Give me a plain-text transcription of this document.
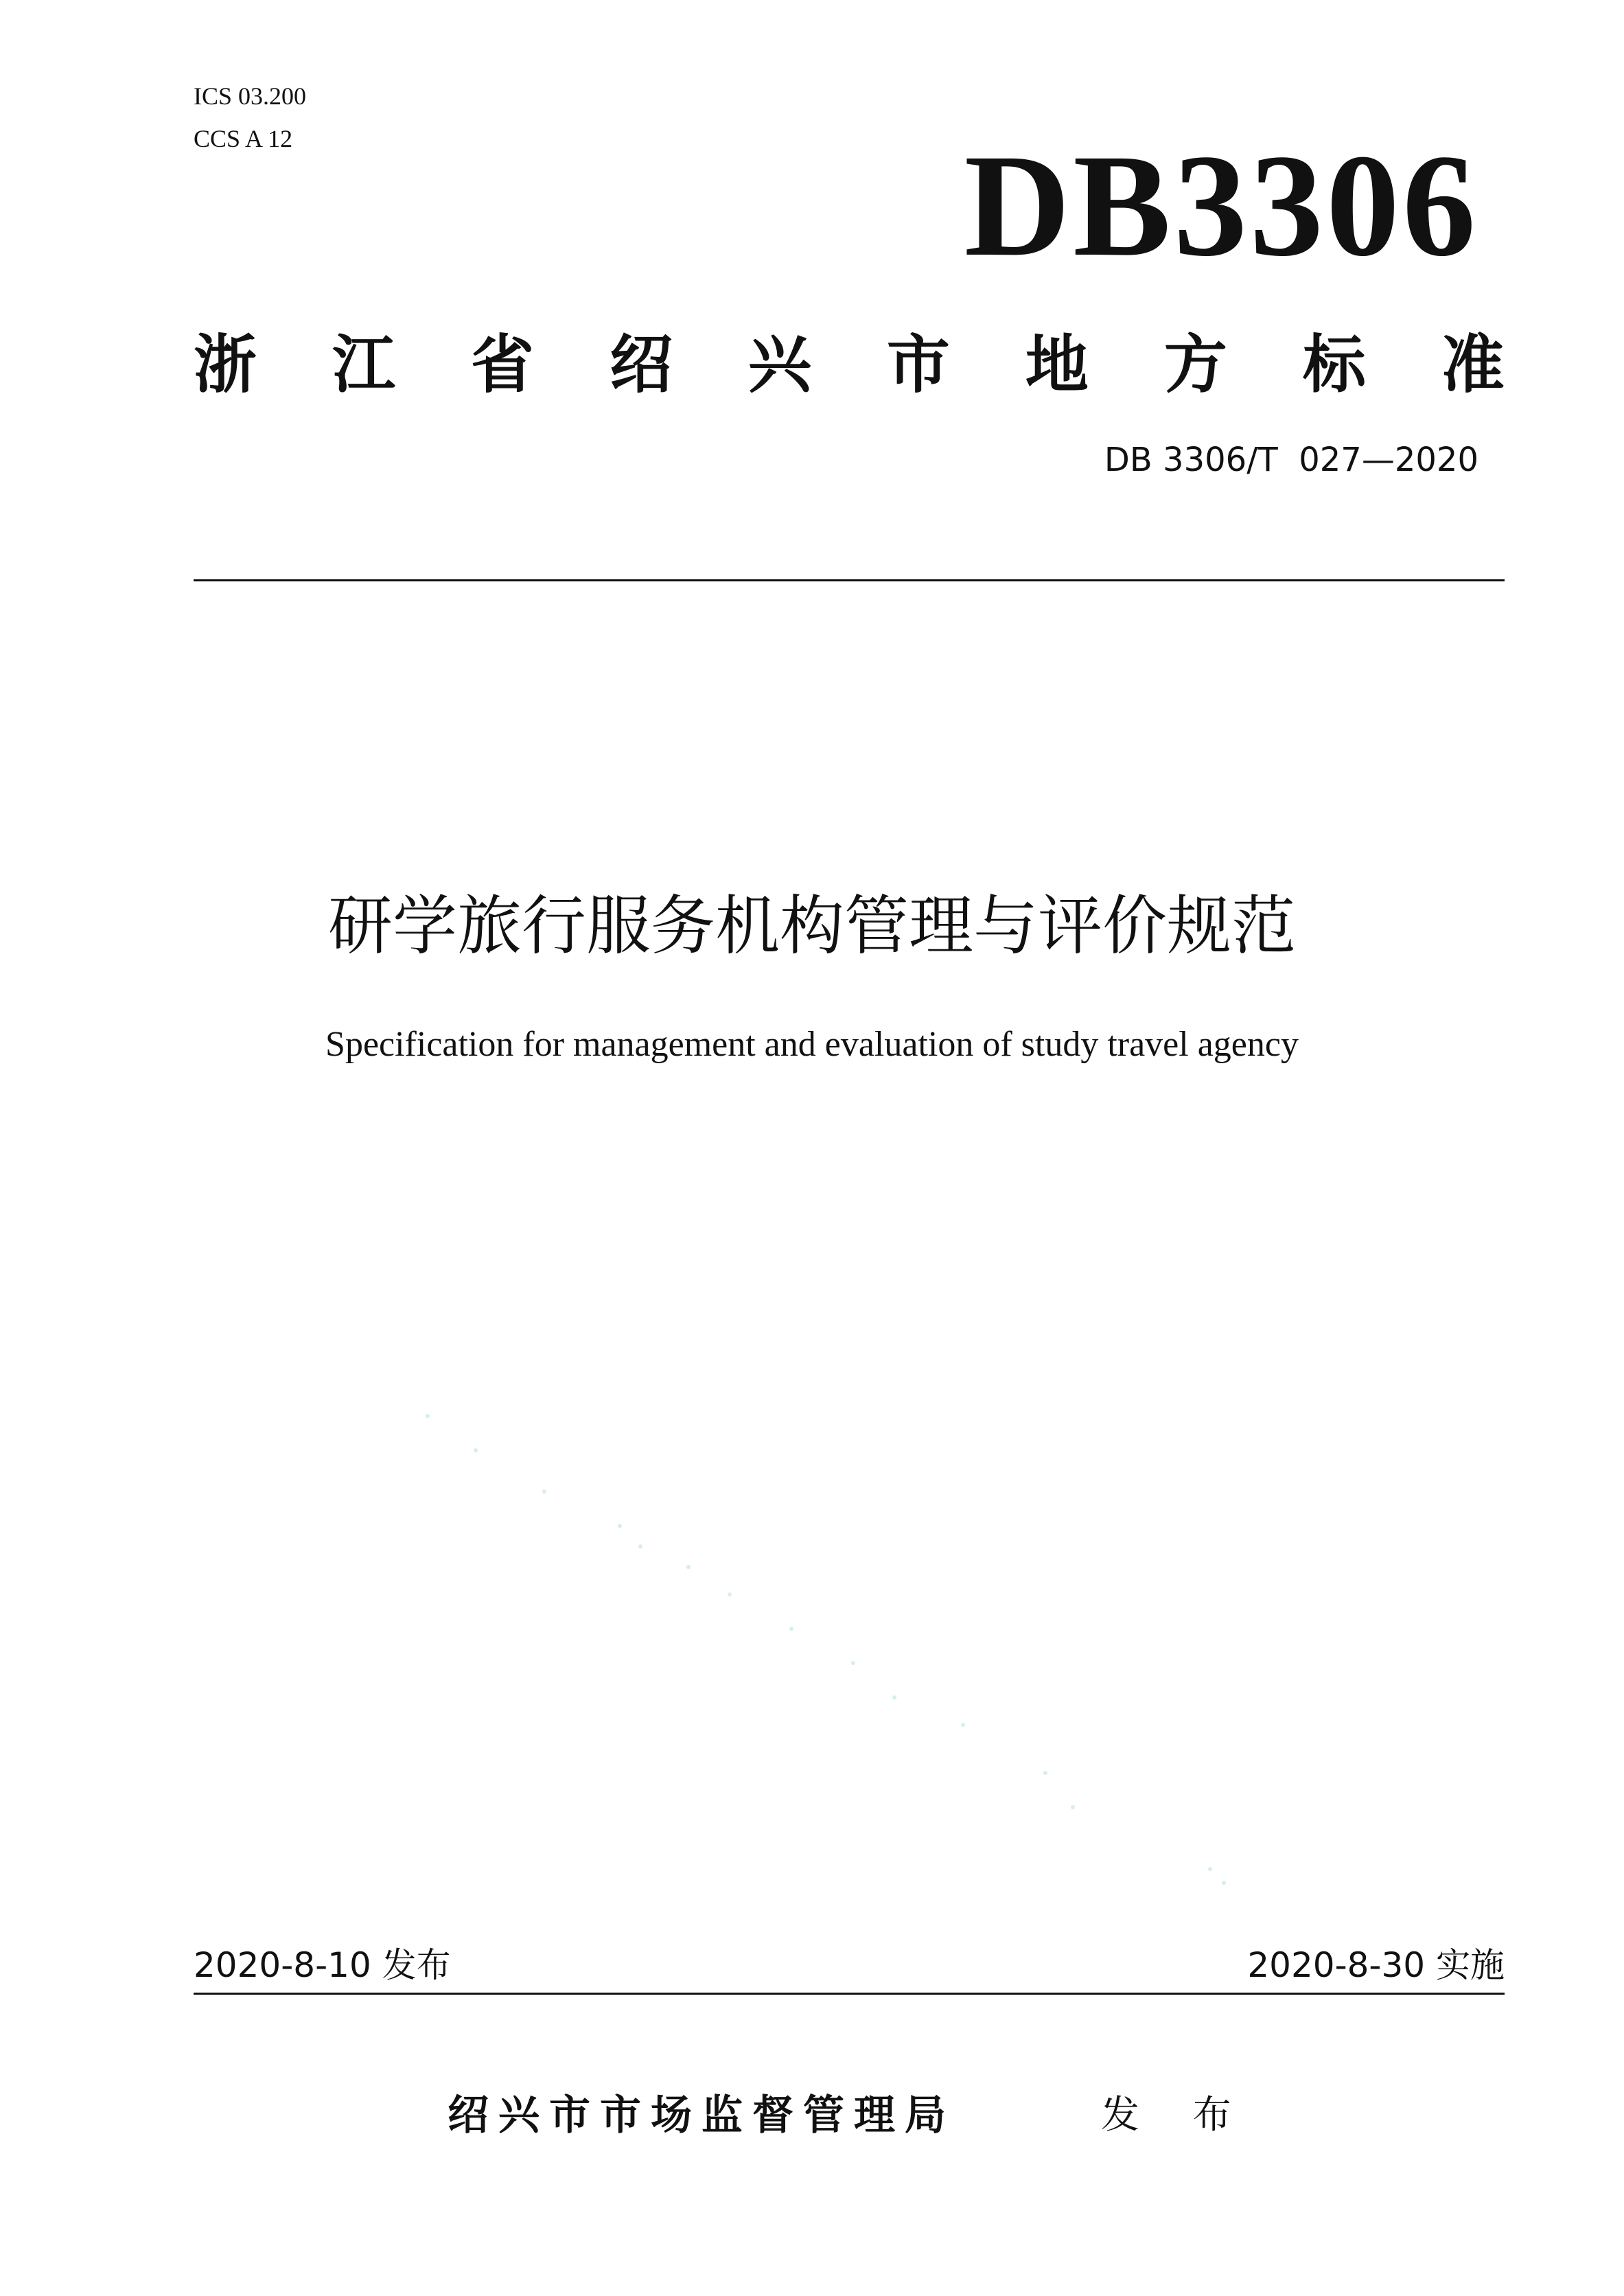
ICS 03.200
CCS A 12	DB3306
浙 江 省 绍 兴 市 地 方 标 准
DB 3306/T  027—2020
研学旅行服务机构管理与评价规范
Specification for management and evaluation of study travel agency
2020-8-10 发布	2020-8-30 实施
绍兴市市场监督管理局	发 布
